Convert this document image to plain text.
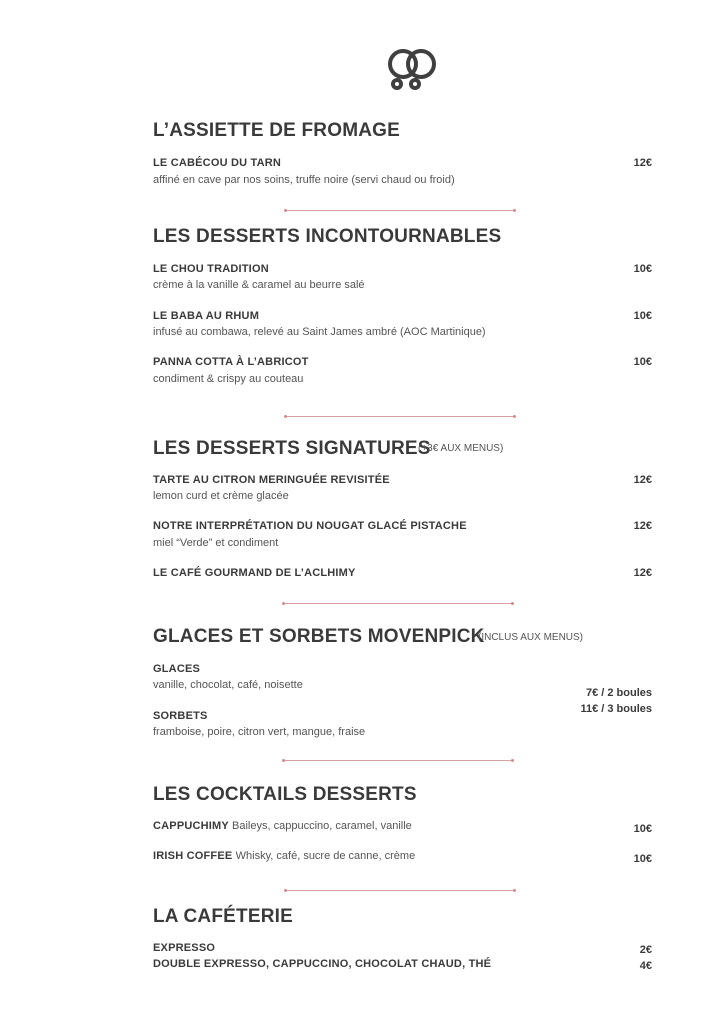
L’ASSIETTE DE FROMAGE
LE CABÉCOU DU TARN
affiné en cave par nos soins, truffe noire (servi chaud ou froid)
12€
LES DESSERTS INCONTOURNABLES
LE CHOU TRADITION
crème à la vanille & caramel au beurre salé
10€
LE BABA AU RHUM
infusé au combawa, relevé au Saint James ambré (AOC Martinique)
10€
PANNA COTTA À L’ABRICOT
condiment & crispy au couteau
10€
LES DESSERTS SIGNATURES
(+3€ AUX MENUS)
TARTE AU CITRON MERINGUÉE REVISITÉE
lemon curd et crème glacée
12€
NOTRE INTERPRÉTATION DU NOUGAT GLACÉ PISTACHE
miel “Verde” et condiment
12€
LE CAFÉ GOURMAND DE L’ACLHIMY	12€
GLACES ET SORBETS MOVENPICK
(INCLUS AUX MENUS)
GLACES
vanille, chocolat, café, noisette
SORBETS
framboise, poire, citron vert, mangue, fraise
7€ / 2 boules
11€ / 3 boules
LES COCKTAILS DESSERTS
CAPPUCHIMY Baileys, cappuccino, caramel, vanille	10€
IRISH COFFEE Whisky, café, sucre de canne, crème	10€
LA CAFÉTERIE
EXPRESSO	2€
DOUBLE EXPRESSO, CAPPUCCINO, CHOCOLAT CHAUD, THÉ	4€
